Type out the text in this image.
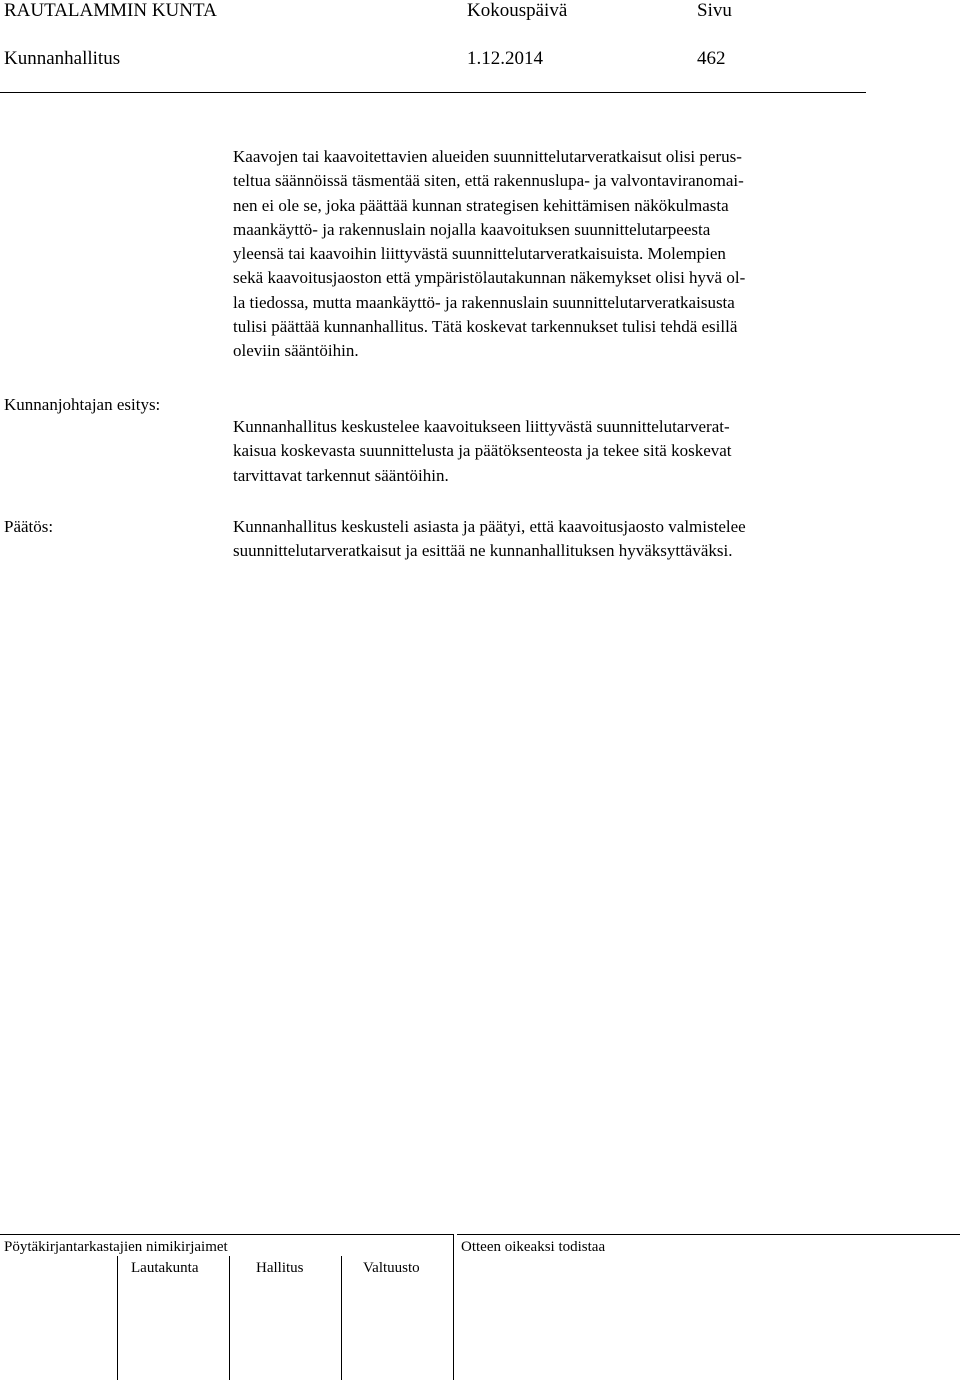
RAUTALAMMIN KUNTA	Kokouspäivä	Sivu
Kunnanhallitus	1.12.2014	462
Kaavojen tai kaavoitettavien alueiden suunnittelutarveratkaisut olisi perus-
teltua säännöissä täsmentää siten, että rakennuslupa- ja valvontaviranomai-
nen ei ole se, joka päättää kunnan strategisen kehittämisen näkökulmasta
maankäyttö- ja rakennuslain nojalla kaavoituksen suunnittelutarpeesta
yleensä tai kaavoihin liittyvästä suunnittelutarveratkaisuista. Molempien
sekä kaavoitusjaoston että ympäristölautakunnan näkemykset olisi hyvä ol-
la tiedossa, mutta maankäyttö- ja rakennuslain suunnittelutarveratkaisusta
tulisi päättää kunnanhallitus. Tätä koskevat tarkennukset tulisi tehdä esillä
oleviin sääntöihin.
Kunnanjohtajan esitys:
Kunnanhallitus keskustelee kaavoitukseen liittyvästä suunnittelutarverat-
kaisua koskevasta suunnittelusta ja päätöksenteosta ja tekee sitä koskevat
tarvittavat tarkennut sääntöihin.
Päätös:	Kunnanhallitus keskusteli asiasta ja päätyi, että kaavoitusjaosto valmistelee
suunnittelutarveratkaisut ja esittää ne kunnanhallituksen hyväksyttäväksi.
Pöytäkirjantarkastajien nimikirjaimet
Lautakunta	Hallitus	Valtuusto
Otteen oikeaksi todistaa
